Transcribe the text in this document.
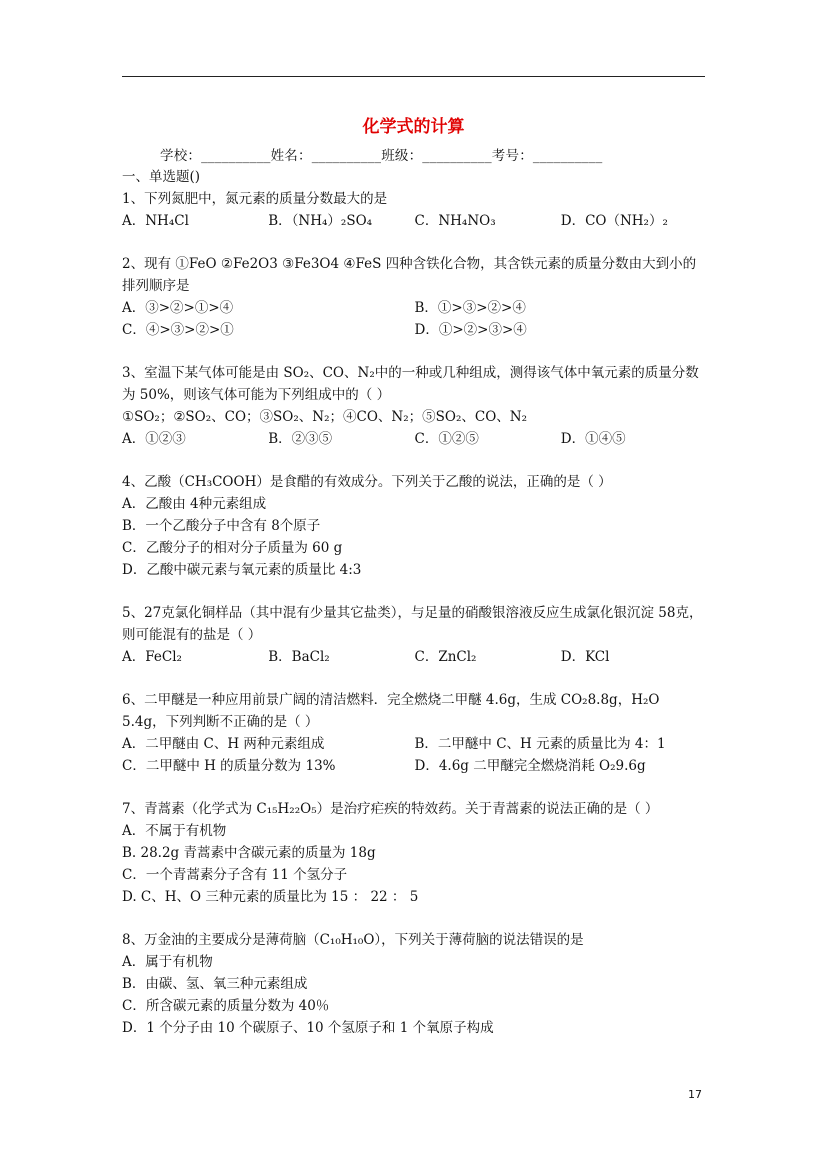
化学式的计算
学校：__________姓名：__________班级：__________考号：__________
一、单选题()
1、下列氮肥中，氮元素的质量分数最大的是
A．NH₄Cl	B．（NH₄）₂SO₄	C．NH₄NO₃	D．CO（NH₂）₂
2、现有 ①FeO ②Fe2O3 ③Fe3O4 ④FeS 四种含铁化合物，其含铁元素的质量分数由大到小的排列顺序是
A．③>②>①>④	B．①>③>②>④
C．④>③>②>①	D．①>②>③>④
3、室温下某气体可能是由 SO₂、CO、N₂中的一种或几种组成，测得该气体中氧元素的质量分数为 50%，则该气体可能为下列组成中的（ ）
①SO₂；②SO₂、CO；③SO₂、N₂；④CO、N₂；⑤SO₂、CO、N₂
A．①②③	B．②③⑤	C．①②⑤	D．①④⑤
4、乙酸（CH₃COOH）是食醋的有效成分。下列关于乙酸的说法，正确的是（ ）
A．乙酸由 4种元素组成
B．一个乙酸分子中含有 8个原子
C．乙酸分子的相对分子质量为 60 g
D．乙酸中碳元素与氧元素的质量比 4:3
5、27克氯化铜样品（其中混有少量其它盐类），与足量的硝酸银溶液反应生成氯化银沉淀 58克，则可能混有的盐是（ ）
A．FeCl₂	B．BaCl₂	C．ZnCl₂	D．KCl
6、二甲醚是一种应用前景广阔的清洁燃料．完全燃烧二甲醚 4.6g，生成 CO₂8.8g，H₂O 5.4g，下列判断不正确的是（ ）
A．二甲醚由 C、H 两种元素组成	B．二甲醚中 C、H 元素的质量比为 4：1
C．二甲醚中 H 的质量分数为 13%	D．4.6g 二甲醚完全燃烧消耗 O₂9.6g
7、青蒿素（化学式为 C₁₅H₂₂O₅）是治疗疟疾的特效药。关于青蒿素的说法正确的是（ ）
A．不属于有机物
B. 28.2g 青蒿素中含碳元素的质量为 18g
C．一个青蒿素分子含有 11 个氢分子
D. C、H、O 三种元素的质量比为 15 ： 22 ： 5
8、万金油的主要成分是薄荷脑（C₁₀H₁₀O），下列关于薄荷脑的说法错误的是
A．属于有机物
B．由碳、氢、氧三种元素组成
C．所含碳元素的质量分数为 40％
D．1 个分子由 10 个碳原子、10 个氢原子和 1 个氧原子构成
17
